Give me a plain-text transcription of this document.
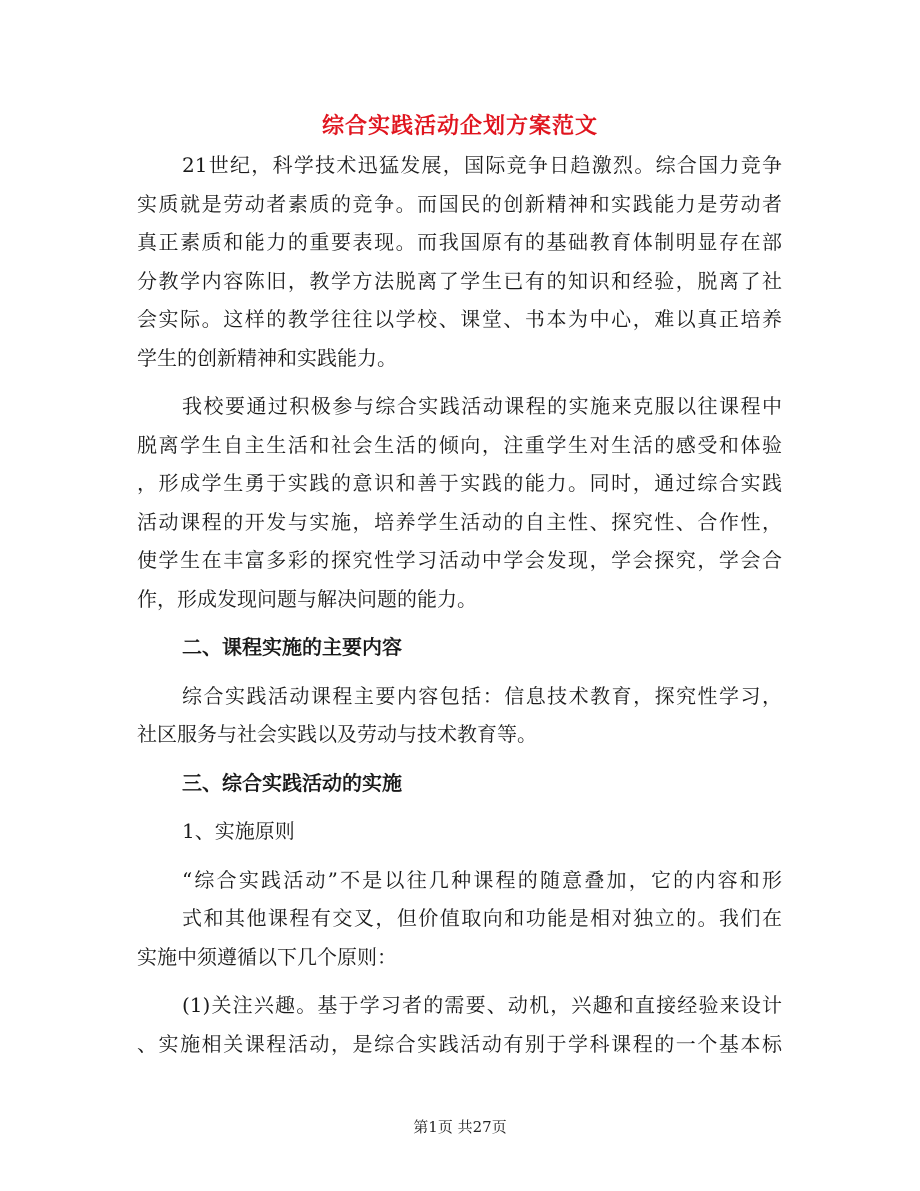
综合实践活动企划方案范文
21世纪，科学技术迅猛发展，国际竞争日趋激烈。综合国力竞争
实质就是劳动者素质的竞争。而国民的创新精神和实践能力是劳动者
真正素质和能力的重要表现。而我国原有的基础教育体制明显存在部
分教学内容陈旧，教学方法脱离了学生已有的知识和经验，脱离了社
会实际。这样的教学往往以学校、课堂、书本为中心，难以真正培养
学生的创新精神和实践能力。
我校要通过积极参与综合实践活动课程的实施来克服以往课程中
脱离学生自主生活和社会生活的倾向，注重学生对生活的感受和体验
，形成学生勇于实践的意识和善于实践的能力。同时，通过综合实践
活动课程的开发与实施，培养学生活动的自主性、探究性、合作性，
使学生在丰富多彩的探究性学习活动中学会发现，学会探究，学会合
作，形成发现问题与解决问题的能力。
二、课程实施的主要内容
综合实践活动课程主要内容包括：信息技术教育，探究性学习，
社区服务与社会实践以及劳动与技术教育等。
三、综合实践活动的实施
1、实施原则
“综合实践活动”不是以往几种课程的随意叠加，它的内容和形
式和其他课程有交叉，但价值取向和功能是相对独立的。我们在
实施中须遵循以下几个原则：
(1)关注兴趣。基于学习者的需要、动机，兴趣和直接经验来设计
、实施相关课程活动，是综合实践活动有别于学科课程的一个基本标
第1页 共27页
